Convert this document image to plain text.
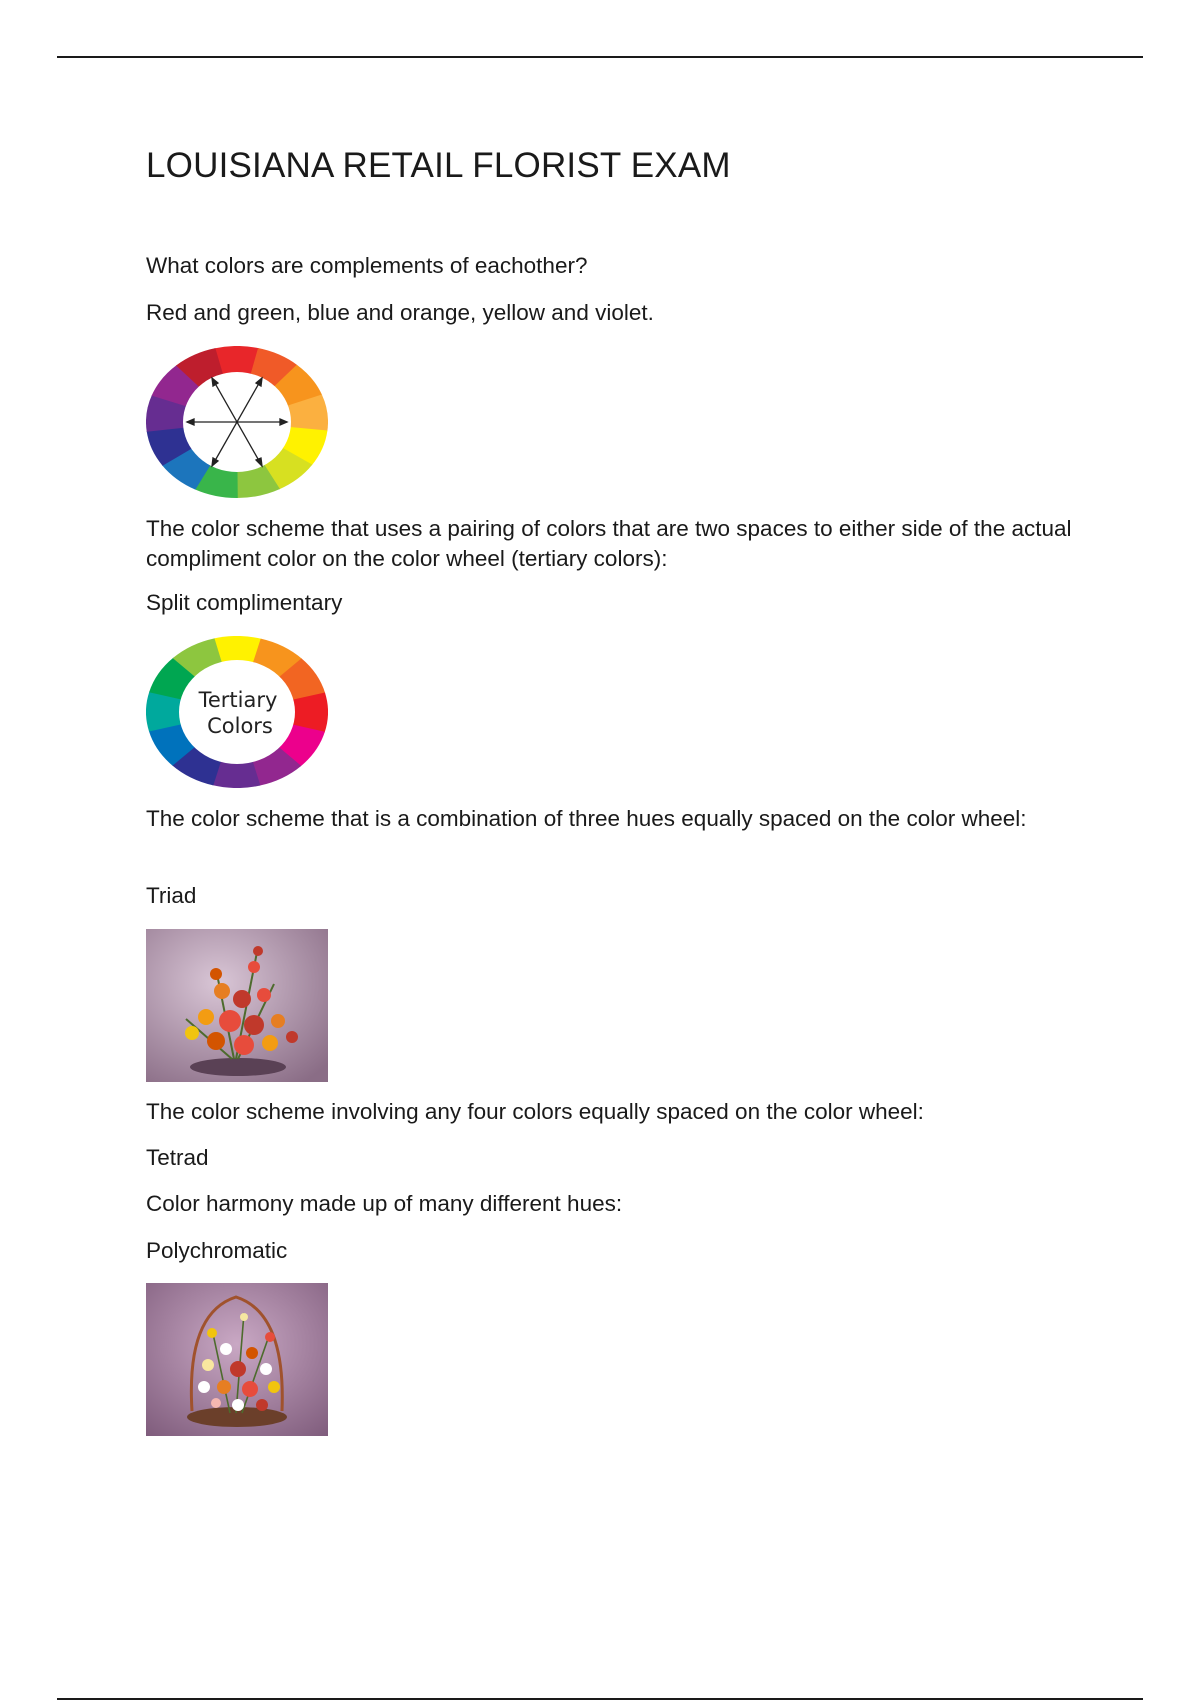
LOUISIANA RETAIL FLORIST EXAM

What colors are complements of eachother?

Red and green, blue and orange, yellow and violet.

The color scheme that uses a pairing of colors that are two spaces to either side of the actual compliment color on the color wheel (tertiary colors):

Split complimentary

Tertiary
Colors

The color scheme that is a combination of three hues equally spaced on the color wheel:

Triad

The color scheme involving any four colors equally spaced on the color wheel:

Tetrad

Color harmony made up of many different hues:

Polychromatic
